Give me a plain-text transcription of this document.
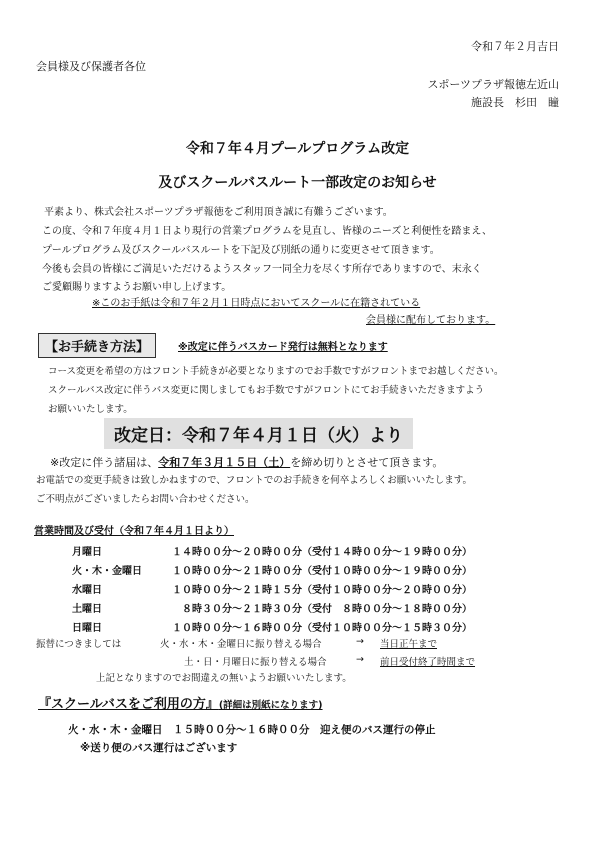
令和７年２月吉日
会員様及び保護者各位
スポーツプラザ報徳左近山
施設長　杉田　瞳
令和７年４月プールプログラム改定
及びスクールバスルート一部改定のお知らせ
平素より、株式会社スポーツプラザ報徳をご利用頂き誠に有難うございます。
この度、令和７年度４月１日より現行の営業プログラムを見直し、皆様のニーズと利便性を踏まえ、
プールプログラム及びスクールバスルートを下記及び別紙の通りに変更させて頂きます。
今後も会員の皆様にご満足いただけるようスタッフ一同全力を尽くす所存でありますので、末永く
ご愛顧賜りますようお願い申し上げます。
※このお手紙は令和７年２月１日時点においてスクールに在籍されている
会員様に配布しております。
【お手続き方法】	※改定に伴うバスカード発行は無料となります
コース変更を希望の方はフロント手続きが必要となりますのでお手数ですがフロントまでお越しください。
スクールバス改定に伴うバス変更に関しましてもお手数ですがフロントにてお手続きいただきますよう
お願いいたします。
改定日：令和７年４月１日（火）より
※改定に伴う諸届は、令和７年３月１５日（土）を締め切りとさせて頂きます。
お電話での変更手続きは致しかねますので、フロントでのお手続きを何卒よろしくお願いいたします。
ご不明点がございましたらお問い合わせください。
営業時間及び受付（令和７年４月１日より）
月曜日	１４時００分～２０時００分（受付１４時００分～１９時００分）
火・木・金曜日	１０時００分～２１時００分（受付１０時００分～１９時００分）
水曜日	１０時００分～２１時１５分（受付１０時００分～２０時００分）
土曜日	　８時３０分～２１時３０分（受付　８時００分～１８時００分）
日曜日	１０時００分～１６時００分（受付１０時００分～１５時３０分）
振替につきましては	火・水・木・金曜日に振り替える場合	→ 当日正午まで
土・日・月曜日に振り替える場合	→ 前日受付終了時間まで
上記となりますのでお間違えの無いようお願いいたします。
『スクールバスをご利用の方』(詳細は別紙になります)
火・水・木・金曜日　１５時００分～１６時００分　迎え便のバス運行の停止
※送り便のバス運行はございます
